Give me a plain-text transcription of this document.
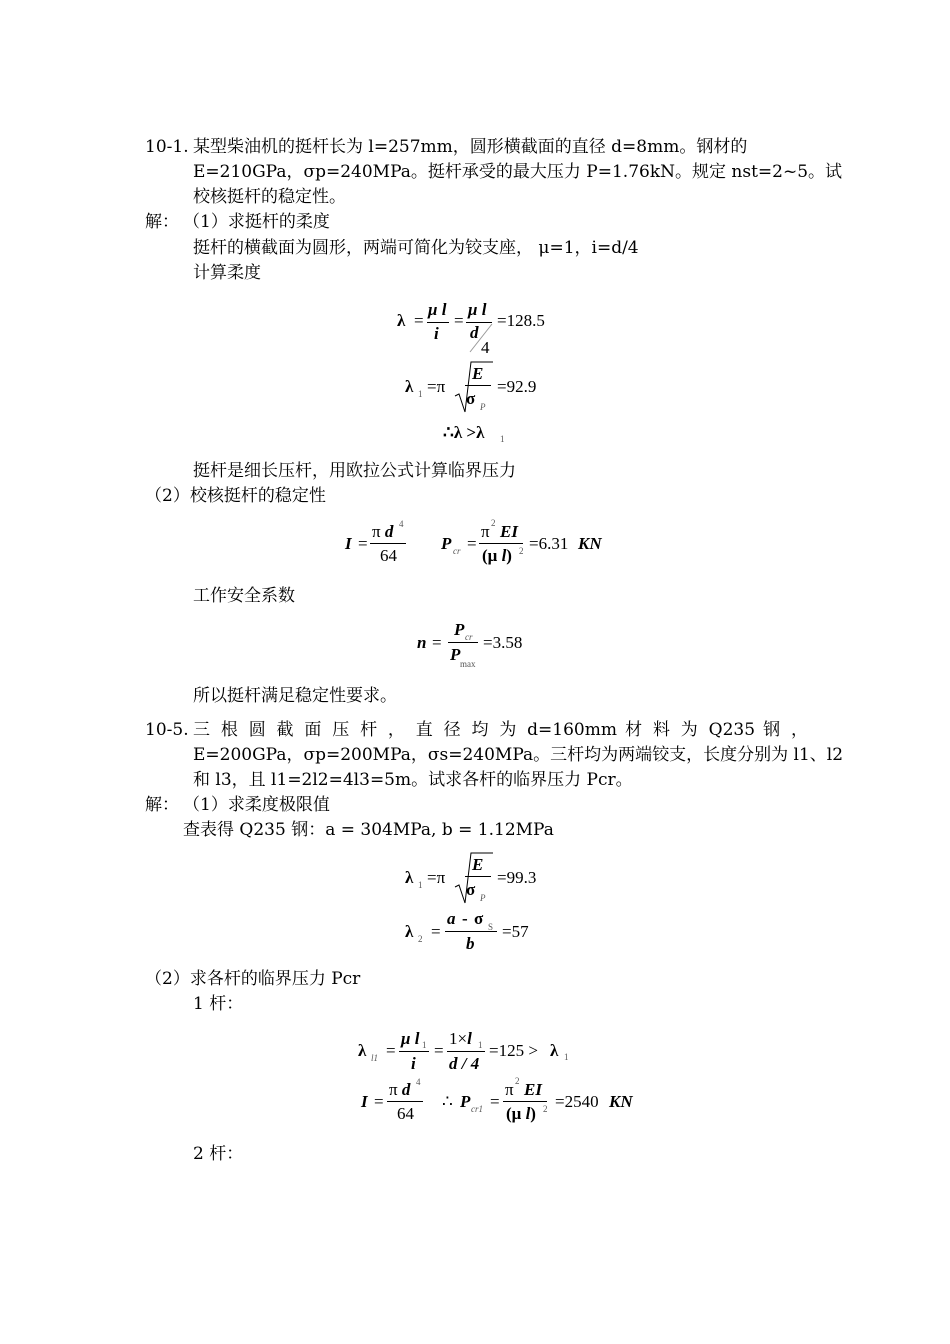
10-1. 某型柴油机的挺杆长为 l=257mm，圆形横截面的直径 d=8mm。钢材的
E=210GPa，σp=240MPa。挺杆承受的最大压力 P=1.76kN。规定 nst=2~5。试
校核挺杆的稳定性。
解： （1）求挺杆的柔度
挺杆的横截面为圆形，两端可简化为铰支座， μ=1，i=d/4
计算柔度
λ =
μ l
i
=
μ l
d
4
=128.5
λ 1 =π
E
σ P
=92.9
∴λ >λ 1
挺杆是细长压杆，用欧拉公式计算临界压力
（2）校核挺杆的稳定性
I =
π d 4
64
P cr =
π 2 EI
(μ l) 2 =6.31 KN
工作安全系数
n =
P cr
P max
=3.58
所以挺杆满足稳定性要求。
10-5. 三 根 圆 截 面 压 杆 ， 直 径 均 为 d=160mm 材 料 为 Q235 钢 ，
E=200GPa，σp=200MPa，σs=240MPa。三杆均为两端铰支，长度分别为 l1、l2
和 l3，且 l1=2l2=4l3=5m。试求各杆的临界压力 Pcr。
解： （1）求柔度极限值
查表得 Q235 钢：a = 304MPa, b = 1.12MPa
λ 1 =π
E
σ P
=99.3
λ 2 =
a - σ S
b
=57
（2）求各杆的临界压力 Pcr
1 杆：
λ l1 =
μ l 1
i
=
1×l 1
d / 4
=125 > λ 1
I =
π d 4
64
∴ P cr1 =
π 2 EI
(μ l) 2 =2540 KN
2 杆：
